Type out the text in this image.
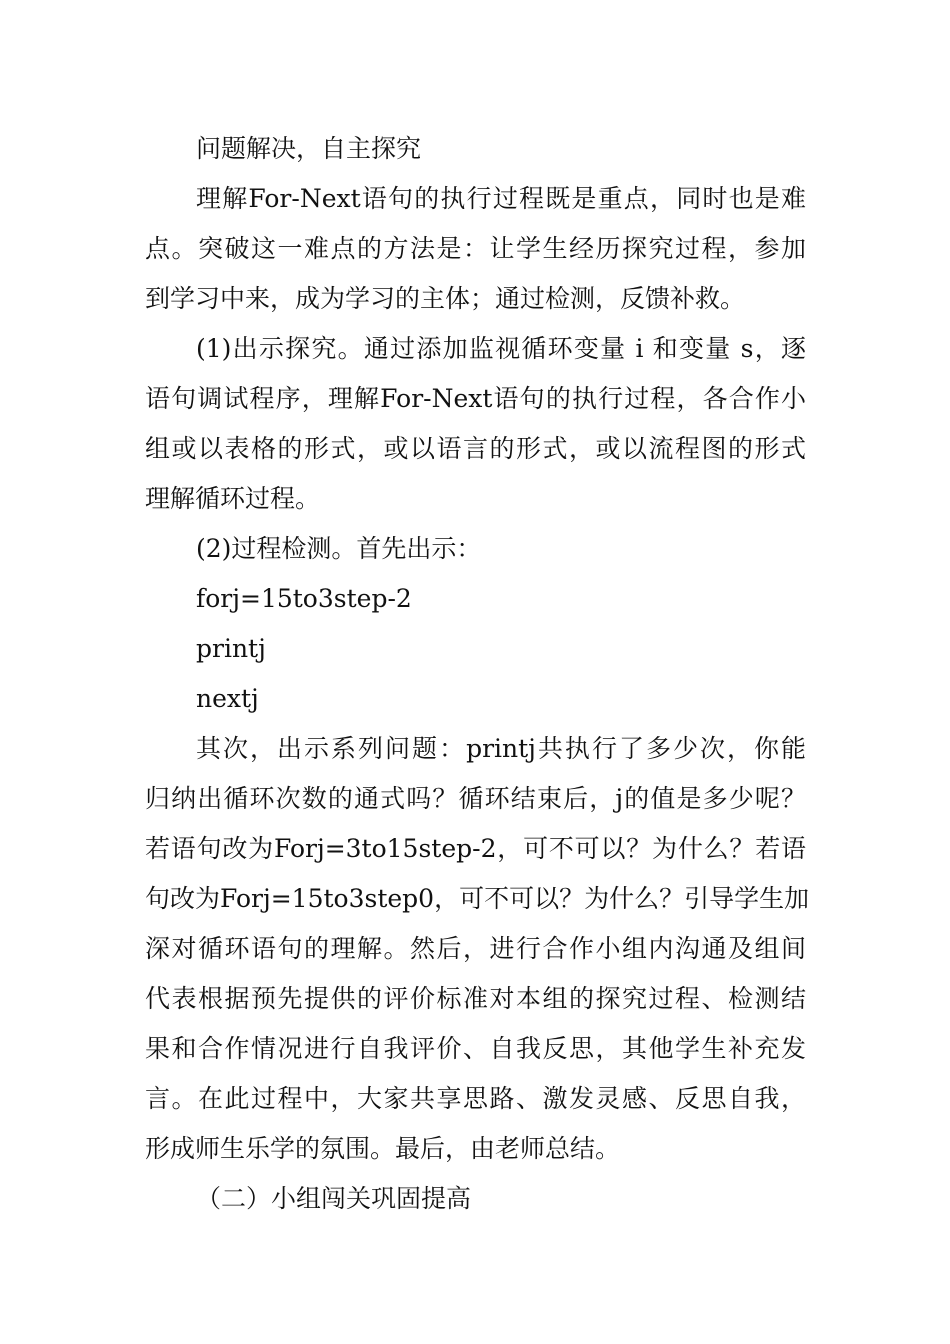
问题解决，自主探究
理解For-Next语句的执行过程既是重点，同时也是难
点。突破这一难点的方法是：让学生经历探究过程，参加
到学习中来，成为学习的主体；通过检测，反馈补救。
(1)出示探究。通过添加监视循环变量 i 和变量 s，逐
语句调试程序，理解For-Next语句的执行过程，各合作小
组或以表格的形式，或以语言的形式，或以流程图的形式
理解循环过程。
(2)过程检测。首先出示：
forj=15to3step-2
printj
nextj
其次，出示系列问题：printj共执行了多少次，你能
归纳出循环次数的通式吗？循环结束后，j的值是多少呢？
若语句改为Forj=3to15step-2，可不可以？为什么？若语
句改为Forj=15to3step0，可不可以？为什么？引导学生加
深对循环语句的理解。然后，进行合作小组内沟通及组间
代表根据预先提供的评价标准对本组的探究过程、检测结
果和合作情况进行自我评价、自我反思，其他学生补充发
言。在此过程中，大家共享思路、激发灵感、反思自我，
形成师生乐学的氛围。最后，由老师总结。
（二）小组闯关巩固提高
